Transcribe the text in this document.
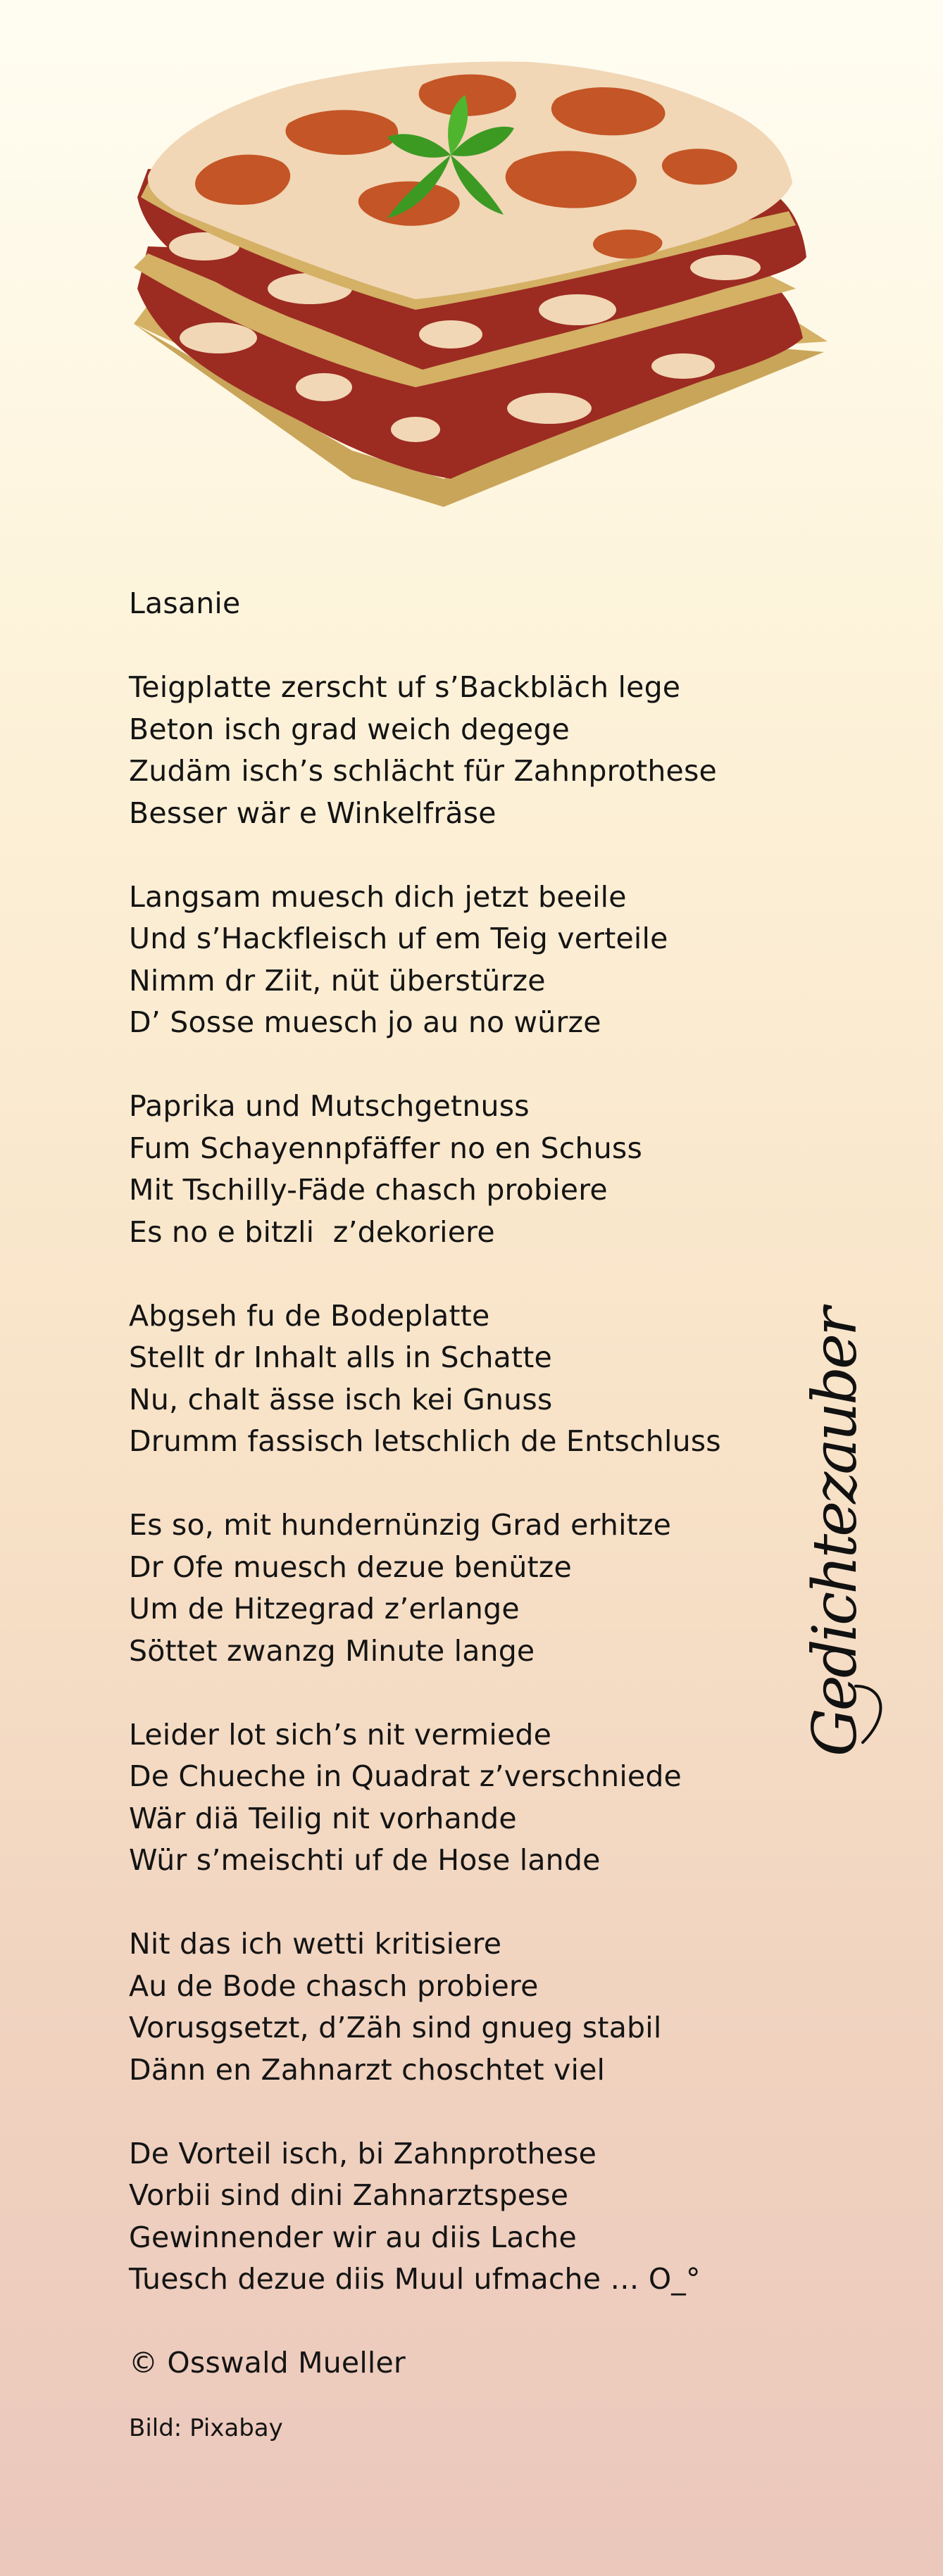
Lasanie
Teigplatte zerscht uf s’Backbläch lege
Beton isch grad weich degege
Zudäm isch’s schlächt für Zahnprothese
Besser wär e Winkelfräse
Langsam muesch dich jetzt beeile
Und s’Hackfleisch uf em Teig verteile
Nimm dr Ziit, nüt überstürze
D’ Sosse muesch jo au no würze
Paprika und Mutschgetnuss
Fum Schayennpfäffer no en Schuss
Mit Tschilly-Fäde chasch probiere
Es no e bitzli  z’dekoriere
Abgseh fu de Bodeplatte
Stellt dr Inhalt alls in Schatte
Nu, chalt ässe isch kei Gnuss
Drumm fassisch letschlich de Entschluss
Es so, mit hundernünzig Grad erhitze
Dr Ofe muesch dezue benütze
Um de Hitzegrad z’erlange
Söttet zwanzg Minute lange
Leider lot sich’s nit vermiede
De Chueche in Quadrat z’verschniede
Wär diä Teilig nit vorhande
Wür s’meischti uf de Hose lande
Nit das ich wetti kritisiere
Au de Bode chasch probiere
Vorusgsetzt, d’Zäh sind gnueg stabil
Dänn en Zahnarzt choschtet viel
De Vorteil isch, bi Zahnprothese
Vorbii sind dini Zahnarztspese
Gewinnender wir au diis Lache
Tuesch dezue diis Muul ufmache … O_°
© Osswald Mueller
Bild: Pixabay
Gedichtezauber
